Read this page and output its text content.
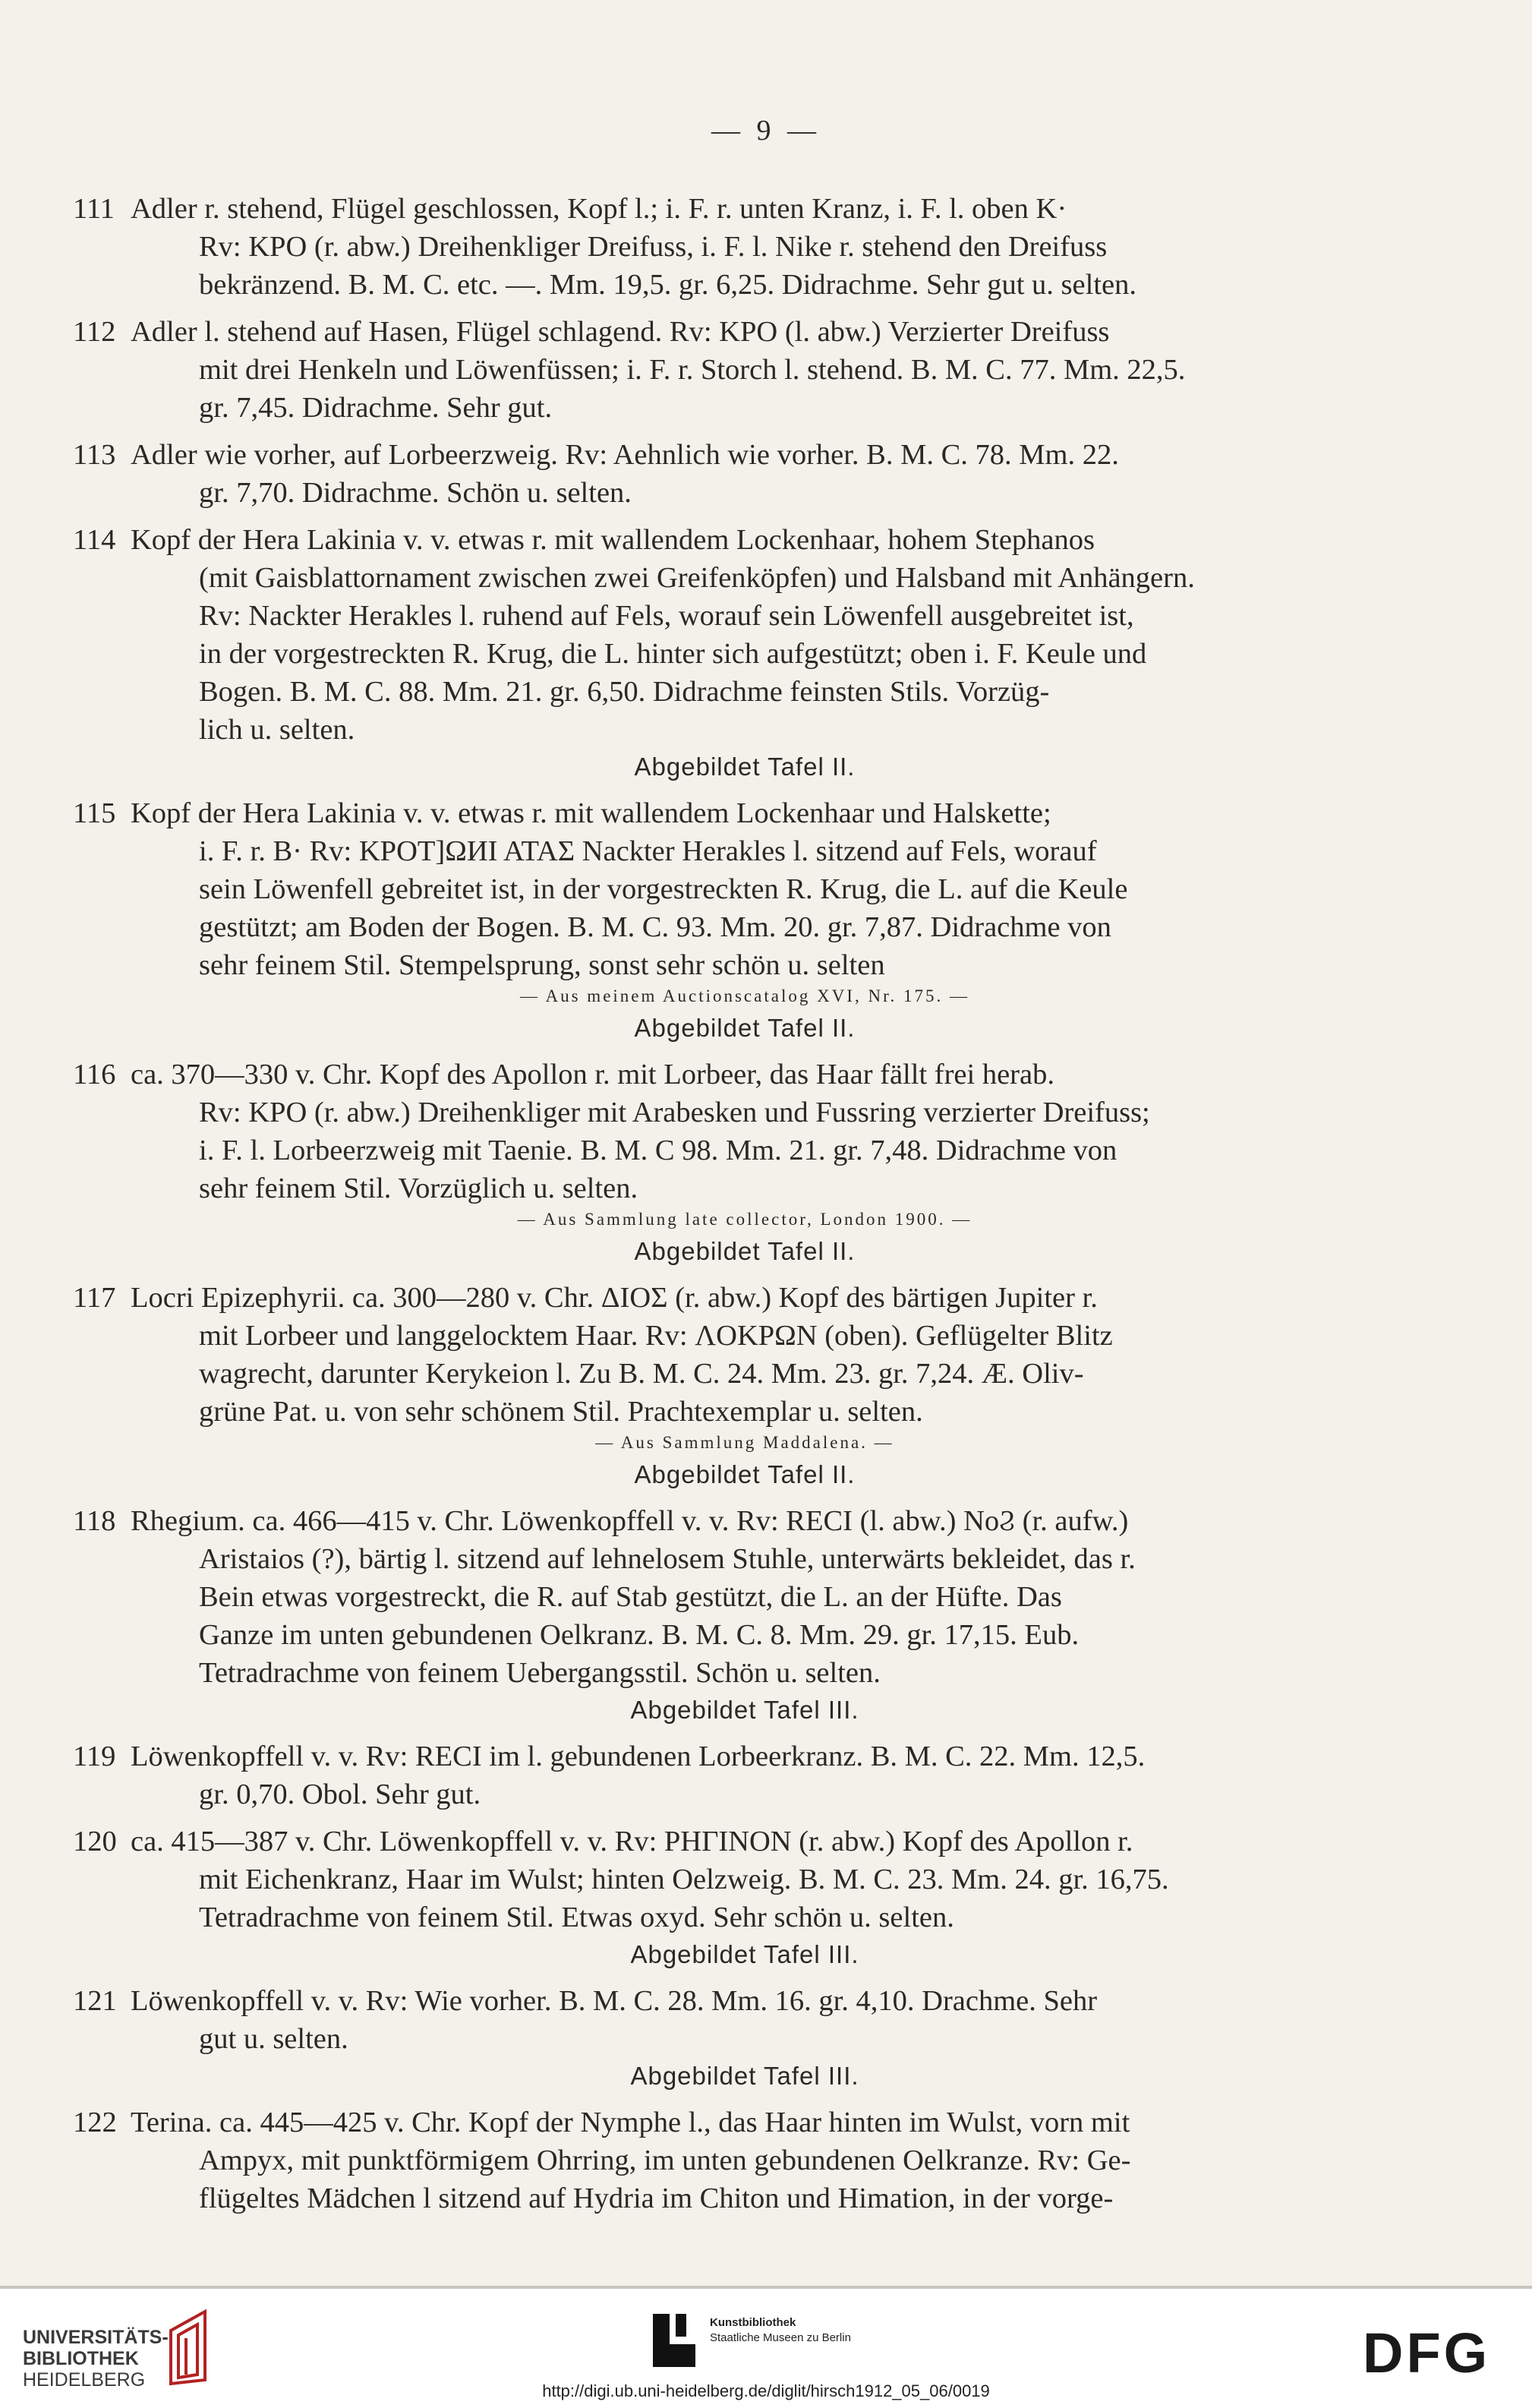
— 9 —
111 Adler r. stehend, Flügel geschlossen, Kopf l.; i. F. r. unten Kranz, i. F. l. oben K·
Rv: KPO (r. abw.) Dreihenkliger Dreifuss, i. F. l. Nike r. stehend den Dreifuss
bekränzend. B. M. C. etc. —. Mm. 19,5. gr. 6,25. Didrachme. Sehr gut u. selten.
112 Adler l. stehend auf Hasen, Flügel schlagend. Rv: KPO (l. abw.) Verzierter Dreifuss
mit drei Henkeln und Löwenfüssen; i. F. r. Storch l. stehend. B. M. C. 77. Mm. 22,5.
gr. 7,45. Didrachme. Sehr gut.
113 Adler wie vorher, auf Lorbeerzweig. Rv: Aehnlich wie vorher. B. M. C. 78. Mm. 22.
gr. 7,70. Didrachme. Schön u. selten.
114 Kopf der Hera Lakinia v. v. etwas r. mit wallendem Lockenhaar, hohem Stephanos
(mit Gaisblattornament zwischen zwei Greifenköpfen) und Halsband mit Anhängern.
Rv: Nackter Herakles l. ruhend auf Fels, worauf sein Löwenfell ausgebreitet ist,
in der vorgestreckten R. Krug, die L. hinter sich aufgestützt; oben i. F. Keule und
Bogen. B. M. C. 88. Mm. 21. gr. 6,50. Didrachme feinsten Stils. Vorzüg-
lich u. selten.
Abgebildet Tafel II.
115 Kopf der Hera Lakinia v. v. etwas r. mit wallendem Lockenhaar und Halskette;
i. F. r. B· Rv: KPOT]ΩИI ATAΣ Nackter Herakles l. sitzend auf Fels, worauf
sein Löwenfell gebreitet ist, in der vorgestreckten R. Krug, die L. auf die Keule
gestützt; am Boden der Bogen. B. M. C. 93. Mm. 20. gr. 7,87. Didrachme von
sehr feinem Stil. Stempelsprung, sonst sehr schön u. selten
— Aus meinem Auctionscatalog XVI, Nr. 175. —
Abgebildet Tafel II.
116 ca. 370—330 v. Chr. Kopf des Apollon r. mit Lorbeer, das Haar fällt frei herab.
Rv: KPO (r. abw.) Dreihenkliger mit Arabesken und Fussring verzierter Dreifuss;
i. F. l. Lorbeerzweig mit Taenie. B. M. C 98. Mm. 21. gr. 7,48. Didrachme von
sehr feinem Stil. Vorzüglich u. selten.
— Aus Sammlung late collector, London 1900. —
Abgebildet Tafel II.
117 Locri Epizephyrii. ca. 300—280 v. Chr. ΔIOΣ (r. abw.) Kopf des bärtigen Jupiter r.
mit Lorbeer und langgelocktem Haar. Rv: ΛOKPΩN (oben). Geflügelter Blitz
wagrecht, darunter Kerykeion l. Zu B. M. C. 24. Mm. 23. gr. 7,24. Æ. Oliv-
grüne Pat. u. von sehr schönem Stil. Prachtexemplar u. selten.
— Aus Sammlung Maddalena. —
Abgebildet Tafel II.
118 Rhegium. ca. 466—415 v. Chr. Löwenkopffell v. v. Rv: RECI (l. abw.) NoϨ (r. aufw.)
Aristaios (?), bärtig l. sitzend auf lehnelosem Stuhle, unterwärts bekleidet, das r.
Bein etwas vorgestreckt, die R. auf Stab gestützt, die L. an der Hüfte. Das
Ganze im unten gebundenen Oelkranz. B. M. C. 8. Mm. 29. gr. 17,15. Eub.
Tetradrachme von feinem Uebergangsstil. Schön u. selten.
Abgebildet Tafel III.
119 Löwenkopffell v. v. Rv: RECI im l. gebundenen Lorbeerkranz. B. M. C. 22. Mm. 12,5.
gr. 0,70. Obol. Sehr gut.
120 ca. 415—387 v. Chr. Löwenkopffell v. v. Rv: PHΓINON (r. abw.) Kopf des Apollon r.
mit Eichenkranz, Haar im Wulst; hinten Oelzweig. B. M. C. 23. Mm. 24. gr. 16,75.
Tetradrachme von feinem Stil. Etwas oxyd. Sehr schön u. selten.
Abgebildet Tafel III.
121 Löwenkopffell v. v. Rv: Wie vorher. B. M. C. 28. Mm. 16. gr. 4,10. Drachme. Sehr
gut u. selten.
Abgebildet Tafel III.
122 Terina. ca. 445—425 v. Chr. Kopf der Nymphe l., das Haar hinten im Wulst, vorn mit
Ampyx, mit punktförmigem Ohrring, im unten gebundenen Oelkranze. Rv: Ge-
flügeltes Mädchen l sitzend auf Hydria im Chiton und Himation, in der vorge-
UNIVERSITÄTS-
BIBLIOTHEK
HEIDELBERG
Kunstbibliothek
Staatliche Museen zu Berlin	DFG
http://digi.ub.uni-heidelberg.de/diglit/hirsch1912_05_06/0019
